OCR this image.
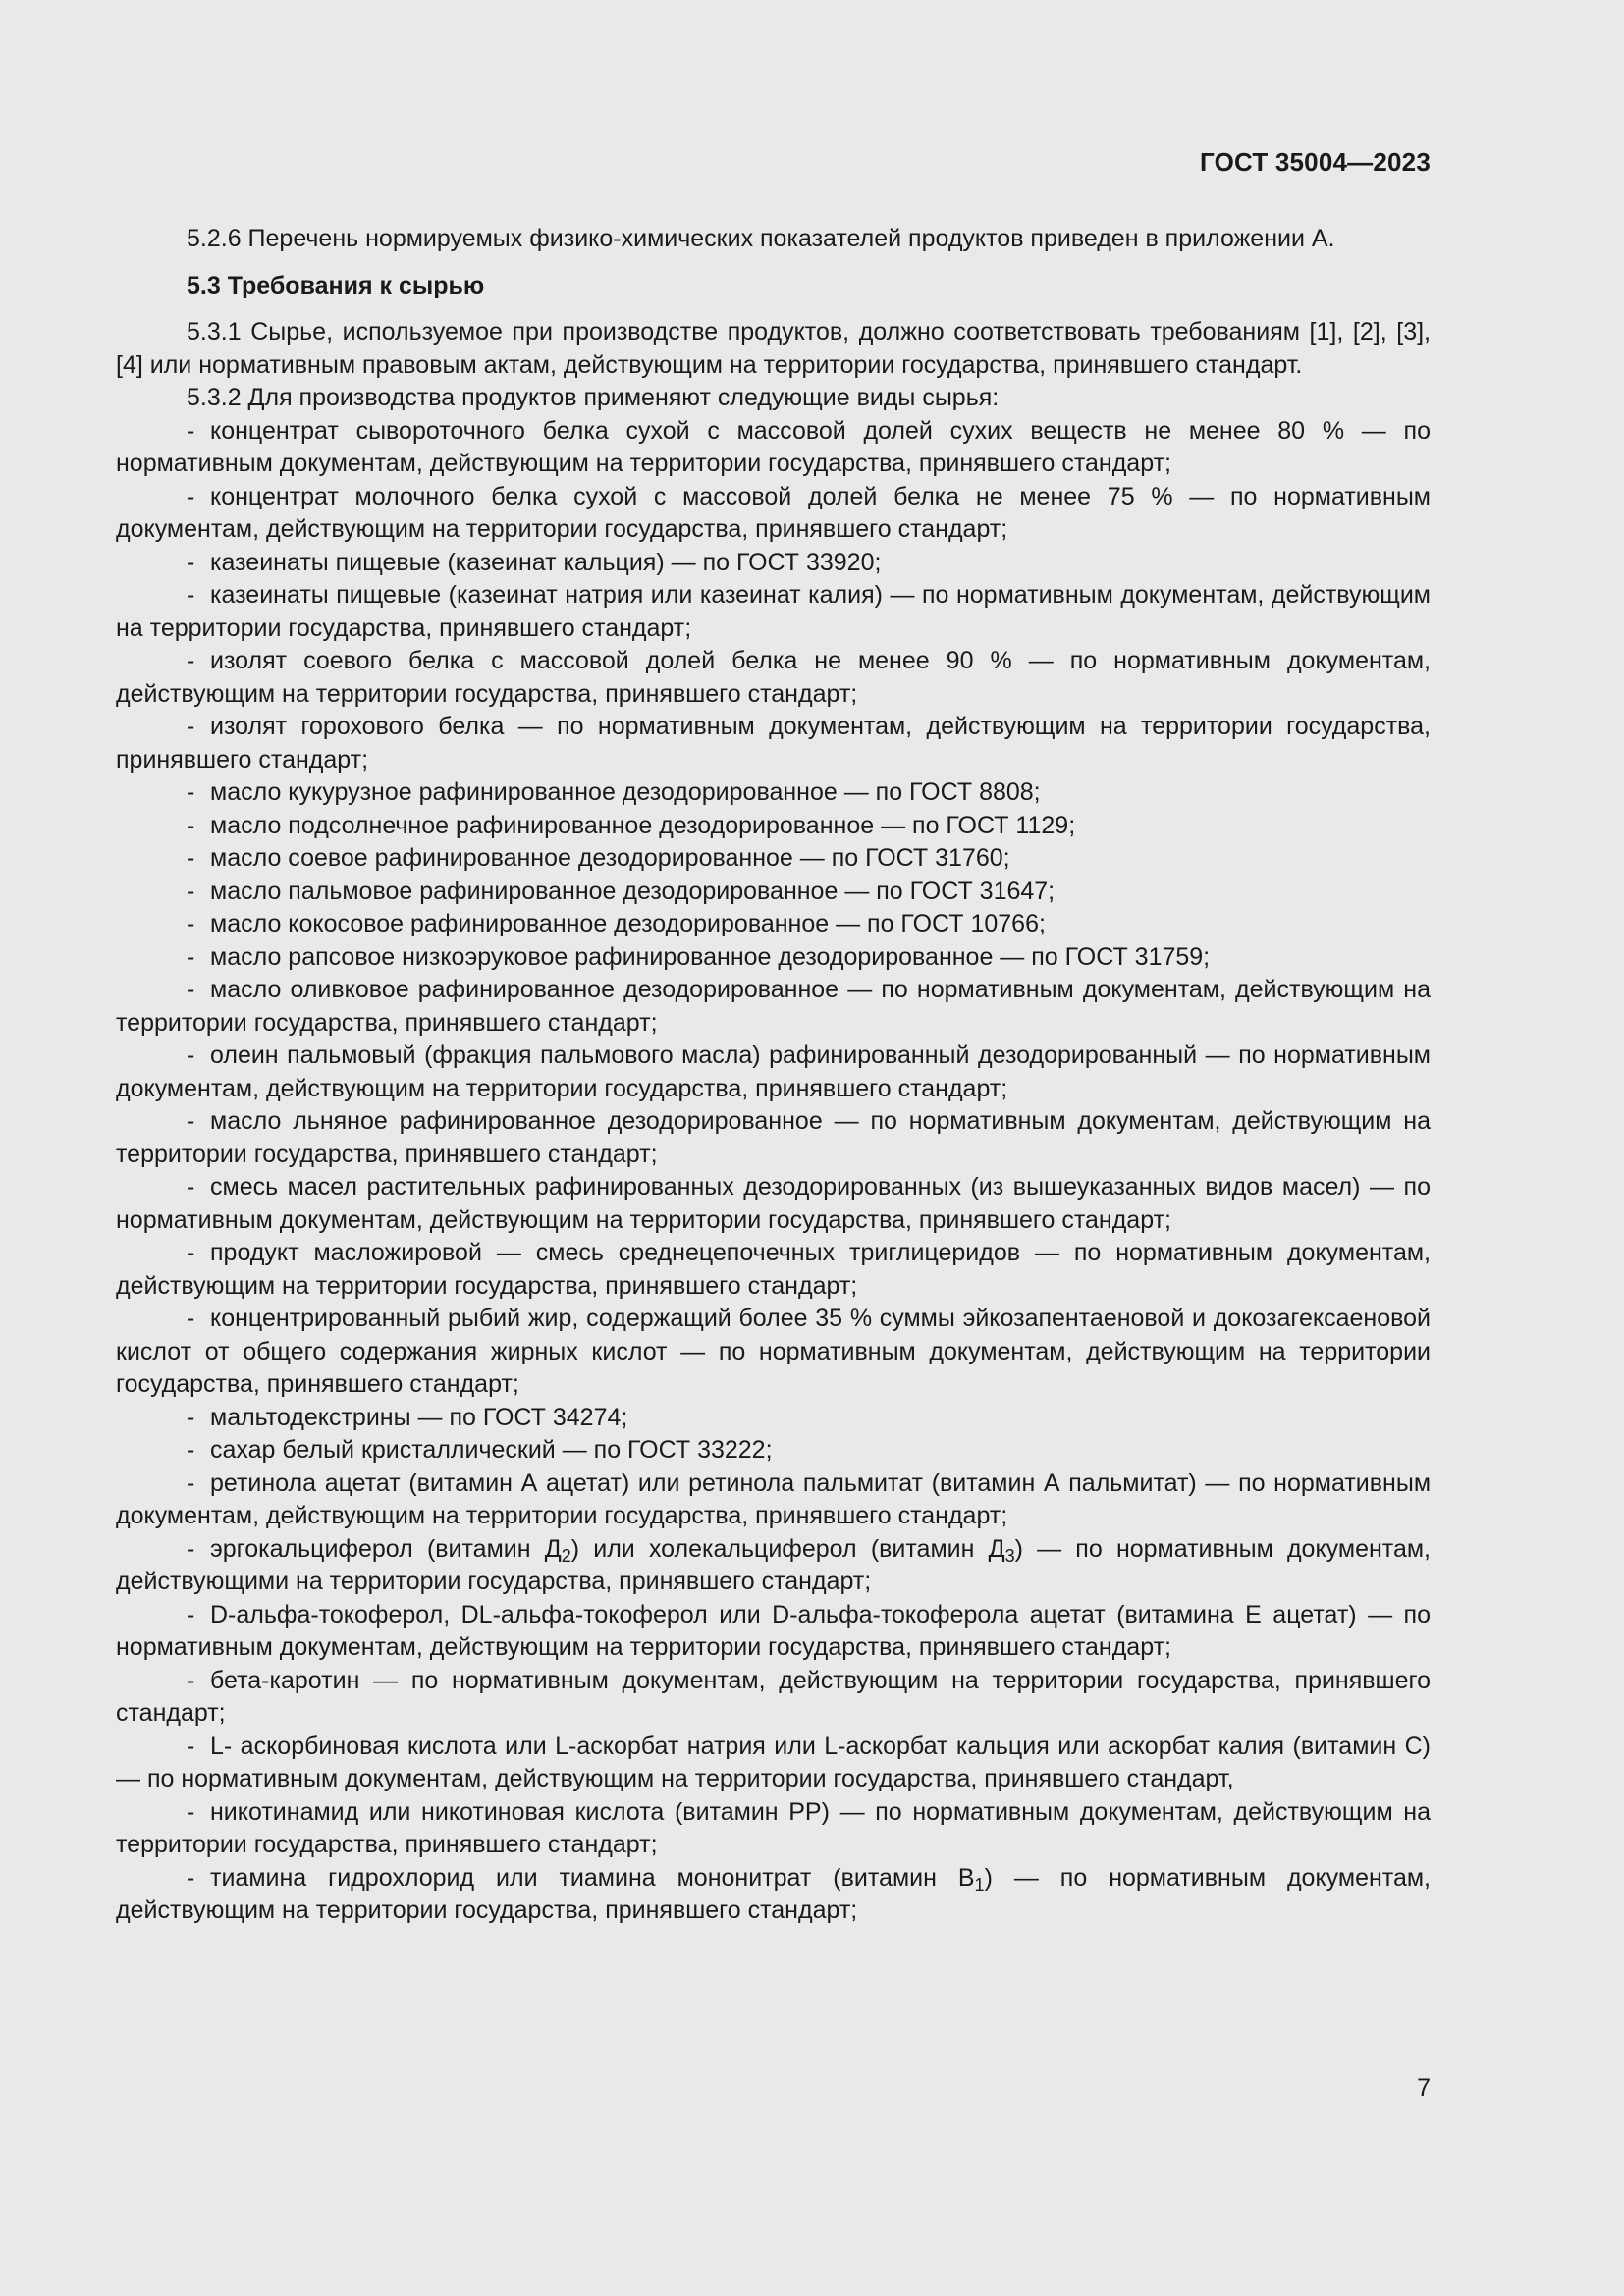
ГОСТ 35004—2023

5.2.6 Перечень нормируемых физико-химических показателей продуктов приведен в приложении А.

5.3 Требования к сырью

5.3.1 Сырье, используемое при производстве продуктов, должно соответствовать требованиям [1], [2], [3], [4] или нормативным правовым актам, действующим на территории государства, принявшего стандарт.

5.3.2 Для производства продуктов применяют следующие виды сырья:

- концентрат сывороточного белка сухой с массовой долей сухих веществ не менее 80 % — по нормативным документам, действующим на территории государства, принявшего стандарт;

- концентрат молочного белка сухой с массовой долей белка не менее 75 % — по нормативным документам, действующим на территории государства, принявшего стандарт;

- казеинаты пищевые (казеинат кальция) — по ГОСТ 33920;

- казеинаты пищевые (казеинат натрия или казеинат калия) — по нормативным документам, действующим на территории государства, принявшего стандарт;

- изолят соевого белка с массовой долей белка не менее 90 % — по нормативным документам, действующим на территории государства, принявшего стандарт;

- изолят горохового белка — по нормативным документам, действующим на территории государства, принявшего стандарт;

- масло кукурузное рафинированное дезодорированное — по ГОСТ 8808;

- масло подсолнечное рафинированное дезодорированное — по ГОСТ 1129;

- масло соевое рафинированное дезодорированное — по ГОСТ 31760;

- масло пальмовое рафинированное дезодорированное — по ГОСТ 31647;

- масло кокосовое рафинированное дезодорированное — по ГОСТ 10766;

- масло рапсовое низкоэруковое рафинированное дезодорированное — по ГОСТ 31759;

- масло оливковое рафинированное дезодорированное — по нормативным документам, действующим на территории государства, принявшего стандарт;

- олеин пальмовый (фракция пальмового масла) рафинированный дезодорированный — по нормативным документам, действующим на территории государства, принявшего стандарт;

- масло льняное рафинированное дезодорированное — по нормативным документам, действующим на территории государства, принявшего стандарт;

- смесь масел растительных рафинированных дезодорированных (из вышеуказанных видов масел) — по нормативным документам, действующим на территории государства, принявшего стандарт;

- продукт масложировой — смесь среднецепочечных триглицеридов — по нормативным документам, действующим на территории государства, принявшего стандарт;

- концентрированный рыбий жир, содержащий более 35 % суммы эйкозапентаеновой и докозагексаеновой кислот от общего содержания жирных кислот — по нормативным документам, действующим на территории государства, принявшего стандарт;

- мальтодекстрины — по ГОСТ 34274;

- сахар белый кристаллический — по ГОСТ 33222;

- ретинола ацетат (витамин А ацетат) или ретинола пальмитат (витамин А пальмитат) — по нормативным документам, действующим на территории государства, принявшего стандарт;

- эргокальциферол (витамин $Д_2$) или холекальциферол (витамин $Д_3$) — по нормативным документам, действующими на территории государства, принявшего стандарт;

- D-альфа-токоферол, DL-альфа-токоферол или D-альфа-токоферола ацетат (витамина Е ацетат) — по нормативным документам, действующим на территории государства, принявшего стандарт;

- бета-каротин — по нормативным документам, действующим на территории государства, принявшего стандарт;

- L- аскорбиновая кислота или L-аскорбат натрия или L-аскорбат кальция или аскорбат калия (витамин С) — по нормативным документам, действующим на территории государства, принявшего стандарт,

- никотинамид или никотиновая кислота (витамин РР) — по нормативным документам, действующим на территории государства, принявшего стандарт;

- тиамина гидрохлорид или тиамина мононитрат (витамин $В_1$) — по нормативным документам, действующим на территории государства, принявшего стандарт;

7
